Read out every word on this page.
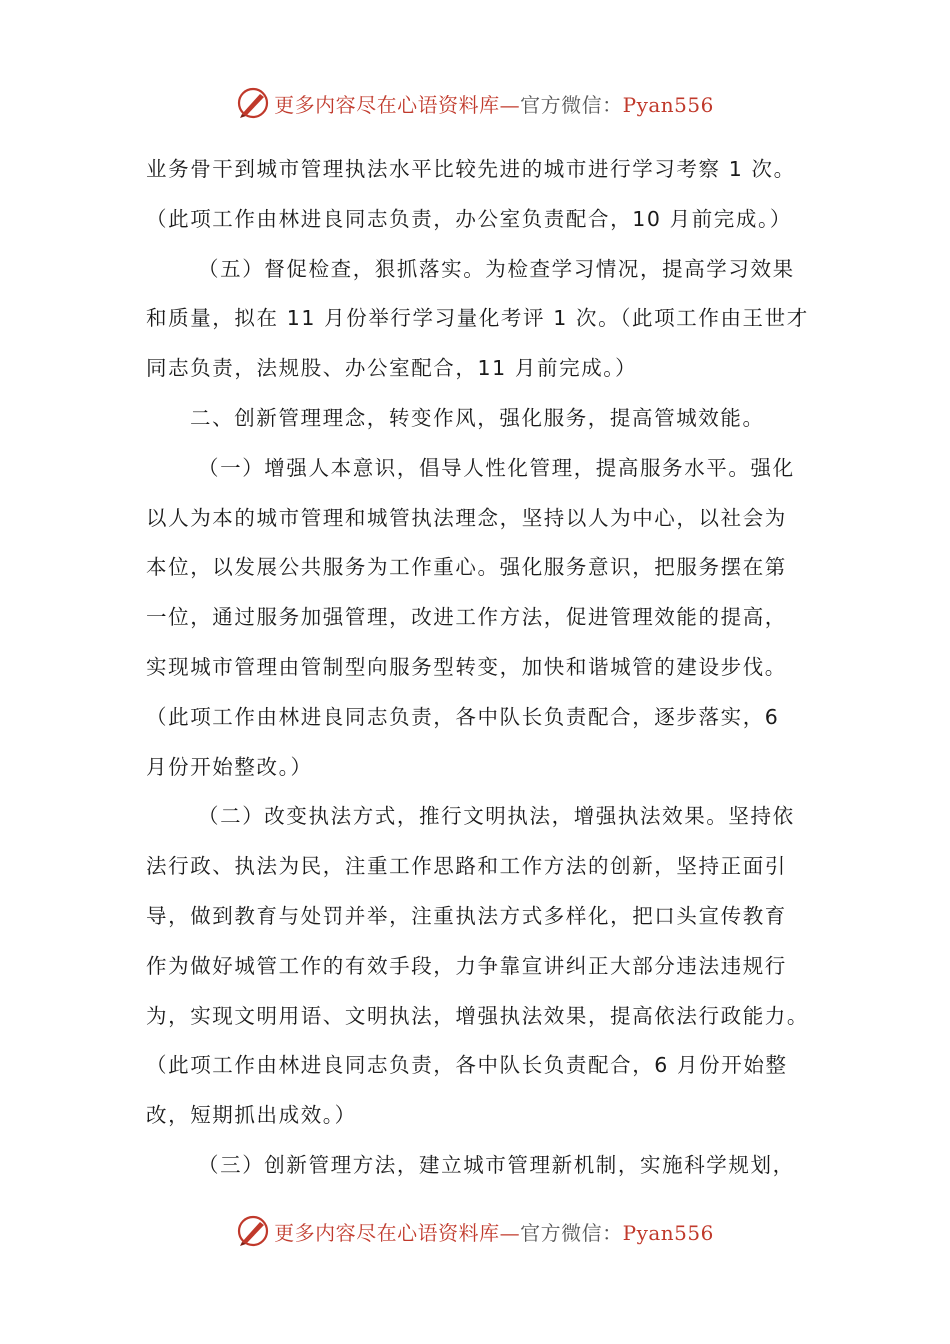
更多内容尽在心语资料库—官方微信：Pyan556
业务骨干到城市管理执法水平比较先进的城市进行学习考察 1 次。
（此项工作由林进良同志负责，办公室负责配合，10 月前完成。）
（五）督促检查，狠抓落实。为检查学习情况，提高学习效果
和质量，拟在 11 月份举行学习量化考评 1 次。（此项工作由王世才
同志负责，法规股、办公室配合，11 月前完成。）
二、创新管理理念，转变作风，强化服务，提高管城效能。
（一）增强人本意识，倡导人性化管理，提高服务水平。强化
以人为本的城市管理和城管执法理念，坚持以人为中心，以社会为
本位，以发展公共服务为工作重心。强化服务意识，把服务摆在第
一位，通过服务加强管理，改进工作方法，促进管理效能的提高，
实现城市管理由管制型向服务型转变，加快和谐城管的建设步伐。
（此项工作由林进良同志负责，各中队长负责配合，逐步落实，6
月份开始整改。）
（二）改变执法方式，推行文明执法，增强执法效果。坚持依
法行政、执法为民，注重工作思路和工作方法的创新，坚持正面引
导，做到教育与处罚并举，注重执法方式多样化，把口头宣传教育
作为做好城管工作的有效手段，力争靠宣讲纠正大部分违法违规行
为，实现文明用语、文明执法，增强执法效果，提高依法行政能力。
（此项工作由林进良同志负责，各中队长负责配合，6 月份开始整
改，短期抓出成效。）
（三）创新管理方法，建立城市管理新机制，实施科学规划，
更多内容尽在心语资料库—官方微信：Pyan556
